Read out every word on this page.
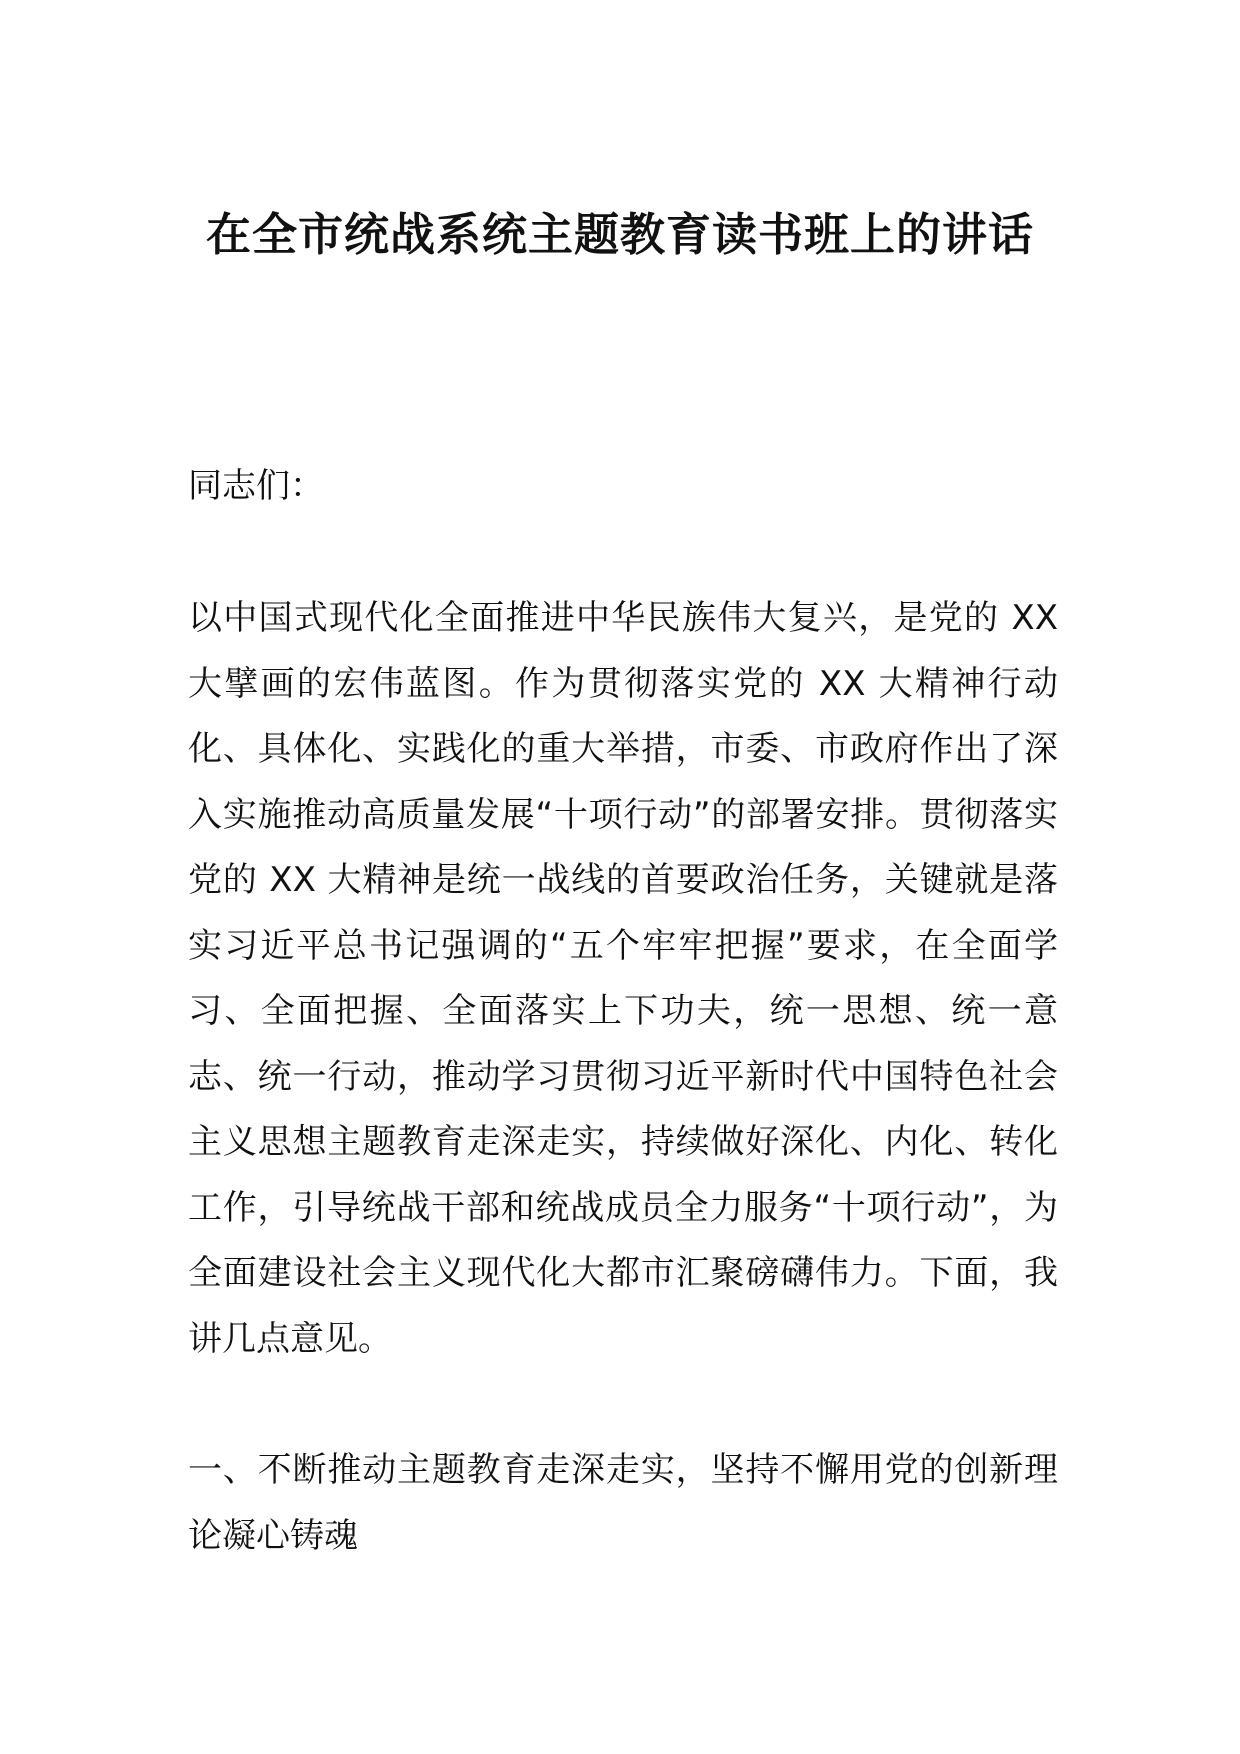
在全市统战系统主题教育读书班上的讲话

同志们：

以中国式现代化全面推进中华民族伟大复兴，是党的 XX 大擘画的宏伟蓝图。作为贯彻落实党的 XX 大精神行动化、具体化、实践化的重大举措，市委、市政府作出了深入实施推动高质量发展“十项行动”的部署安排。贯彻落实党的 XX 大精神是统一战线的首要政治任务，关键就是落实习近平总书记强调的“五个牢牢把握”要求，在全面学习、全面把握、全面落实上下功夫，统一思想、统一意志、统一行动，推动学习贯彻习近平新时代中国特色社会主义思想主题教育走深走实，持续做好深化、内化、转化工作，引导统战干部和统战成员全力服务“十项行动”，为全面建设社会主义现代化大都市汇聚磅礴伟力。下面，我讲几点意见。

一、不断推动主题教育走深走实，坚持不懈用党的创新理论凝心铸魂
